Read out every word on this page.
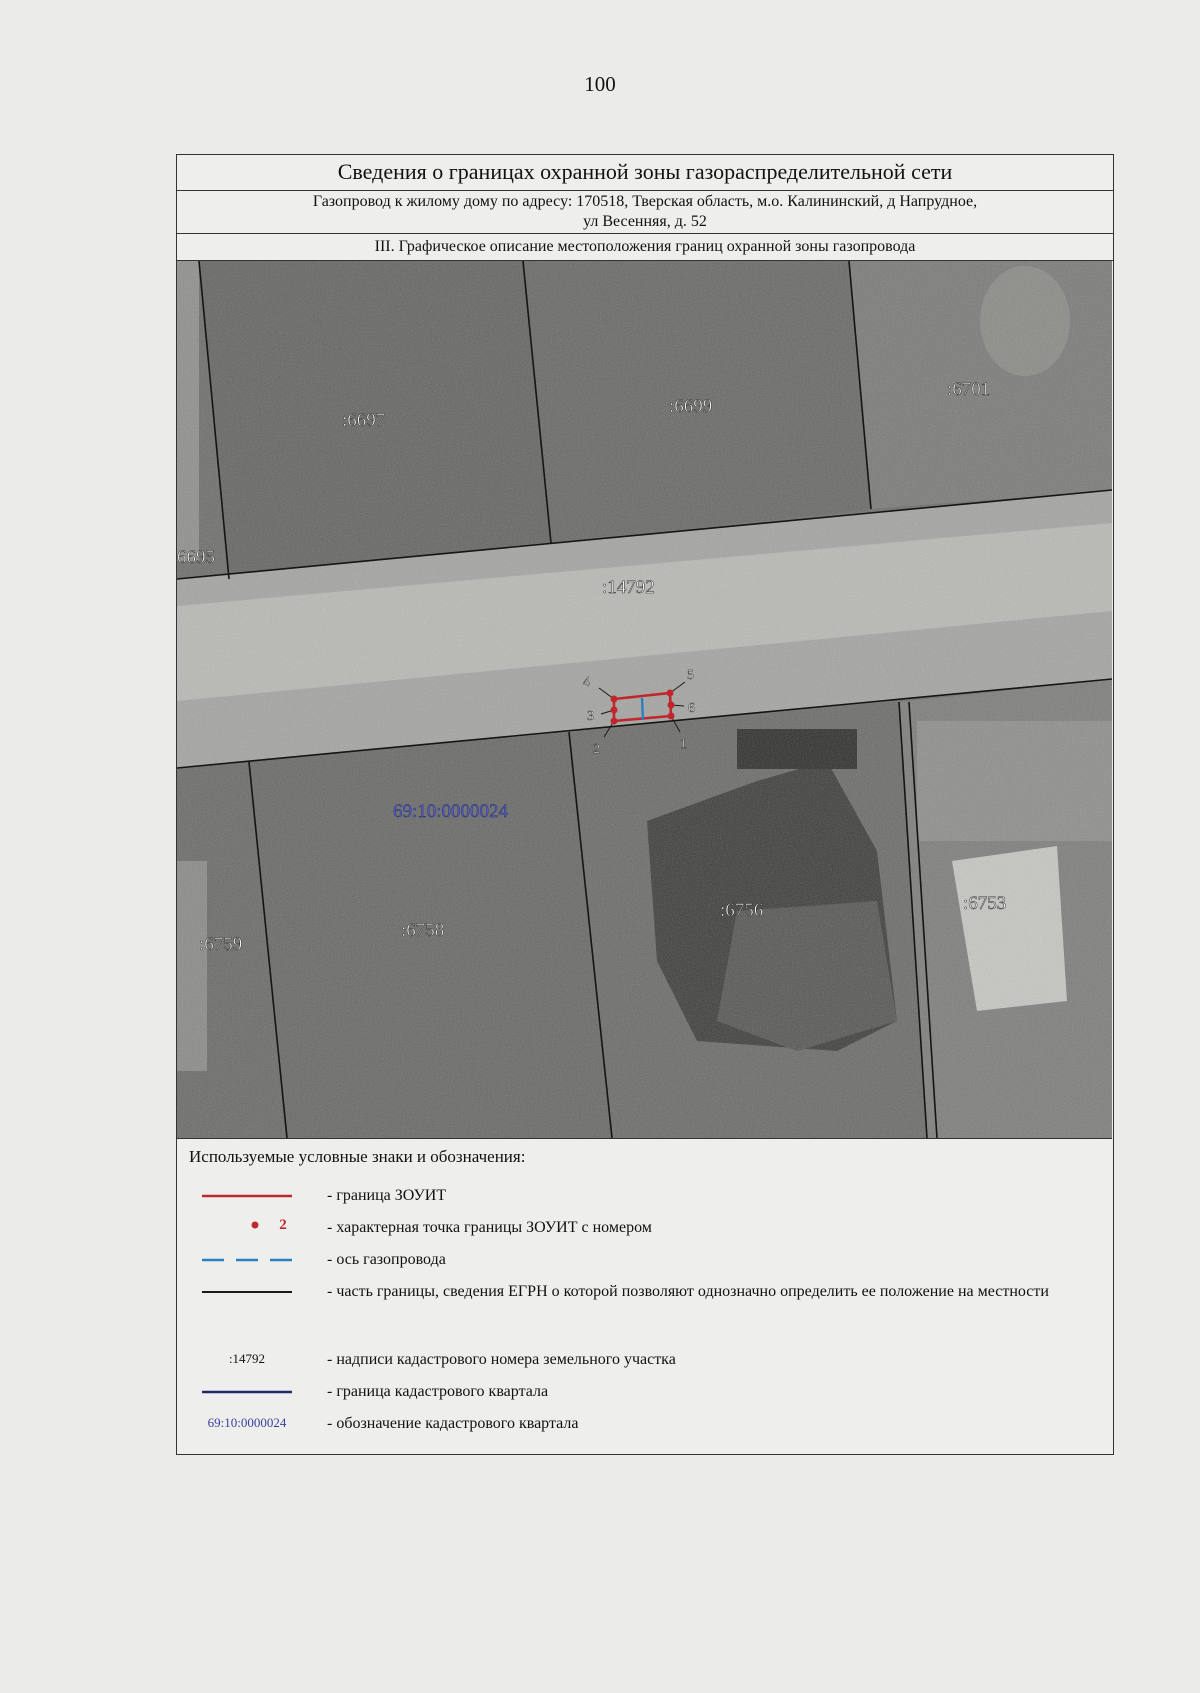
100
Сведения о границах охранной зоны газораспределительной сети
Газопровод к жилому дому по адресу: 170518, Тверская область, м.о. Калининский, д Напрудное,
ул Весенняя, д. 52
III. Графическое описание местоположения границ охранной зоны газопровода
:6697
:6699
:6701
6695
:14792
:6759
:6758
:6756	:6753
69:10:0000024
1
2
3
4	5
6
Используемые условные знаки и обозначения:
- граница ЗОУИТ
2	- характерная точка границы ЗОУИТ с номером
- ось газопровода
- часть границы, сведения ЕГРН о которой позволяют однозначно определить ее положение на местности
:14792	- надписи кадастрового номера земельного участка
- граница кадастрового квартала
69:10:0000024	- обозначение кадастрового квартала
